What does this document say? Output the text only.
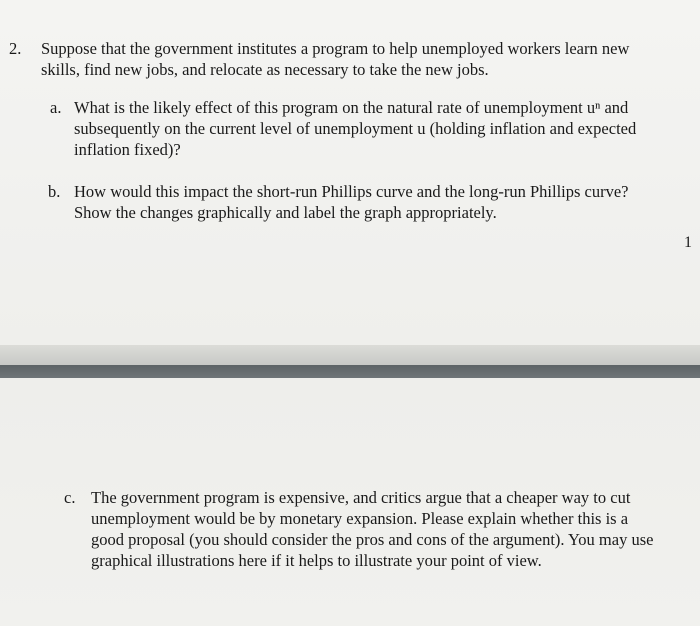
2. Suppose that the government institutes a program to help unemployed workers learn new
skills, find new jobs, and relocate as necessary to take the new jobs.
a. What is the likely effect of this program on the natural rate of unemployment uⁿ and
subsequently on the current level of unemployment u (holding inflation and expected
inflation fixed)?
b. How would this impact the short-run Phillips curve and the long-run Phillips curve?
Show the changes graphically and label the graph appropriately.
1
c. The government program is expensive, and critics argue that a cheaper way to cut
unemployment would be by monetary expansion. Please explain whether this is a
good proposal (you should consider the pros and cons of the argument). You may use
graphical illustrations here if it helps to illustrate your point of view.
